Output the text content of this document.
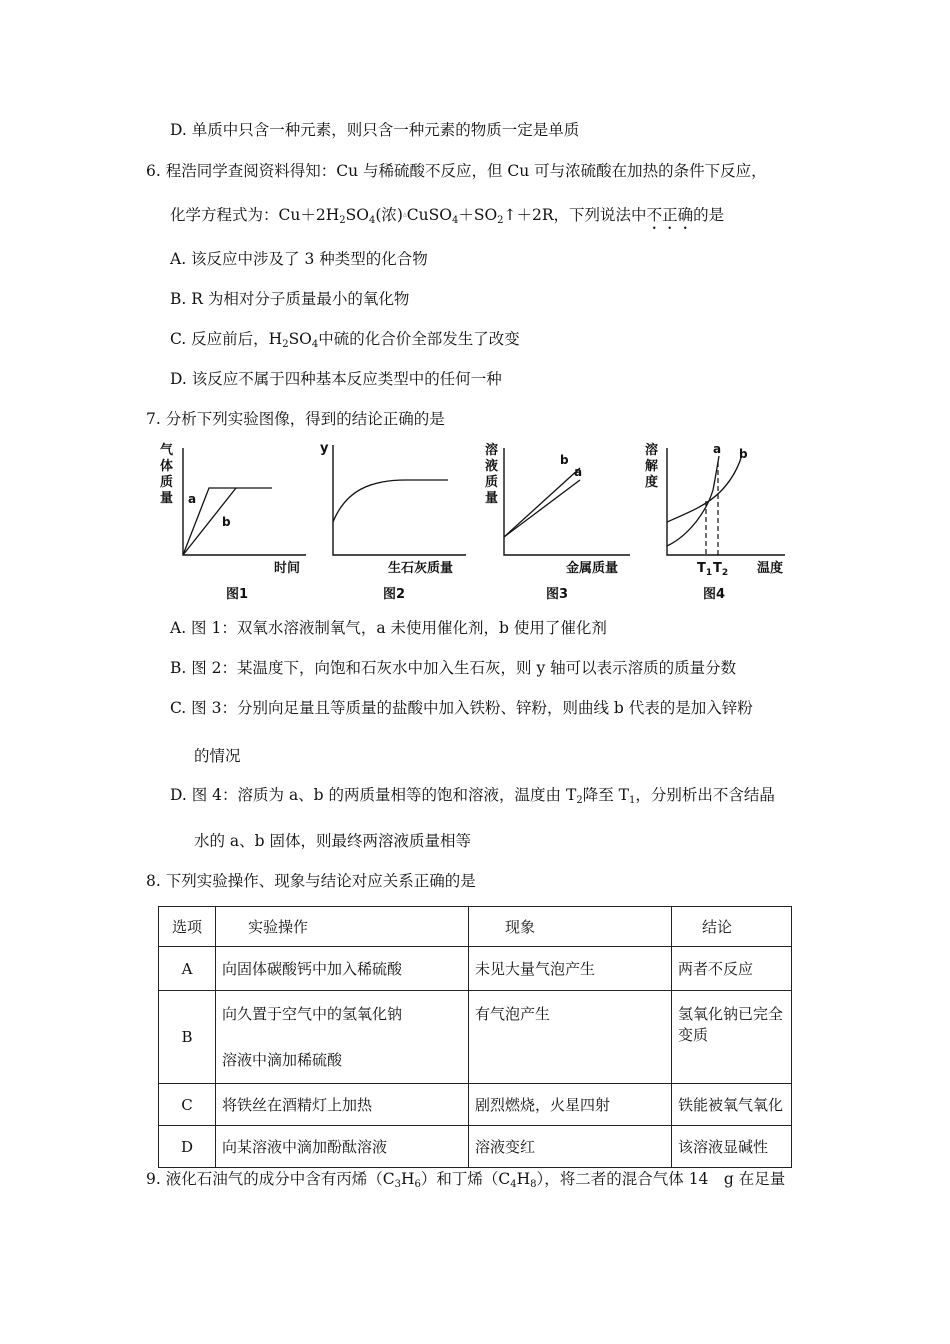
D. 单质中只含一种元素，则只含一种元素的物质一定是单质
6. 程浩同学查阅资料得知：Cu 与稀硫酸不反应，但 Cu 可与浓硫酸在加热的条件下反应，
化学方程式为：$Cu+2H_2SO_4$(浓)$^\triangle CuSO_4+SO_2↑+2R$，下列说法中不正确的是
A. 该反应中涉及了 3 种类型的化合物
B. R 为相对分子质量最小的氧化物
C. 反应前后，$H_2SO_4$中硫的化合价全部发生了改变
D. 该反应不属于四种基本反应类型中的任何一种
7. 分析下列实验图像，得到的结论正确的是
气
体
质
量 a
b
时间
图1
y
生石灰质量
图2
溶
液
质
量
b
a
金属质量
图3
溶
解
度
a b
$T_1$ $T_2$ 温度
图4
A. 图 1：双氧水溶液制氧气，a 未使用催化剂，b 使用了催化剂
B. 图 2：某温度下，向饱和石灰水中加入生石灰，则 y 轴可以表示溶质的质量分数
C. 图 3：分别向足量且等质量的盐酸中加入铁粉、锌粉，则曲线 b 代表的是加入锌粉
的情况
D. 图 4：溶质为 a、b 的两质量相等的饱和溶液，温度由 $T_2$降至 $T_1$，分别析出不含结晶
水的 a、b 固体，则最终两溶液质量相等
8. 下列实验操作、现象与结论对应关系正确的是
选项	实验操作	现象	结论
A	向固体碳酸钙中加入稀硫酸	未见大量气泡产生	两者不反应
B	向久置于空气中的氢氧化钠
溶液中滴加稀硫酸	有气泡产生	氢氧化钠已完全变质
C	将铁丝在酒精灯上加热	剧烈燃烧，火星四射	铁能被氧气氧化
D	向某溶液中滴加酚酞溶液	溶液变红	该溶液显碱性
9. 液化石油气的成分中含有丙烯$(C_3H_6)$和丁烯$(C_4H_8)$，将二者的混合气体 14　g 在足量
